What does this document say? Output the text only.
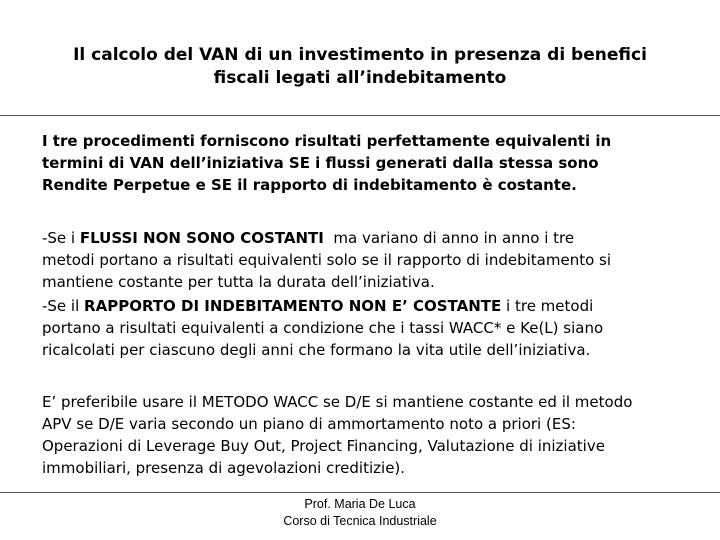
Il calcolo del VAN di un investimento in presenza di benefici
fiscali legati all’indebitamento
I tre procedimenti forniscono risultati perfettamente equivalenti in
termini di VAN dell’iniziativa SE i flussi generati dalla stessa sono
Rendite Perpetue e SE il rapporto di indebitamento è costante.
-Se i FLUSSI NON SONO COSTANTI  ma variano di anno in anno i tre
metodi portano a risultati equivalenti solo se il rapporto di indebitamento si
mantiene costante per tutta la durata dell’iniziativa.
-Se il RAPPORTO DI INDEBITAMENTO NON E’ COSTANTE i tre metodi
portano a risultati equivalenti a condizione che i tassi WACC* e Ke(L) siano
ricalcolati per ciascuno degli anni che formano la vita utile dell’iniziativa.
E’ preferibile usare il METODO WACC se D/E si mantiene costante ed il metodo
APV se D/E varia secondo un piano di ammortamento noto a priori (ES:
Operazioni di Leverage Buy Out, Project Financing, Valutazione di iniziative
immobiliari, presenza di agevolazioni creditizie).
Prof. Maria De Luca
Corso di Tecnica Industriale
